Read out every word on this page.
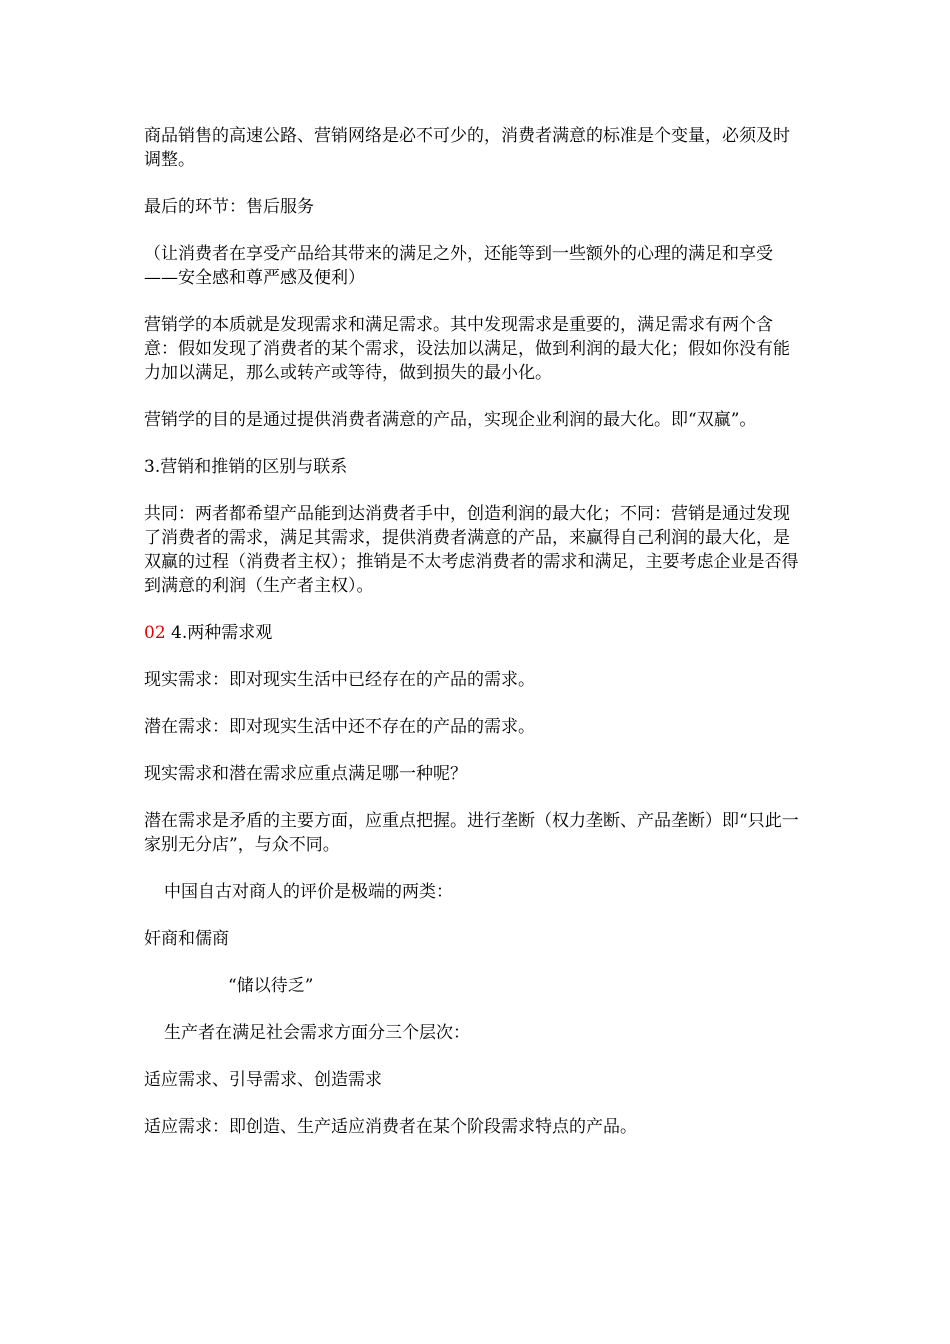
商品销售的高速公路、营销网络是必不可少的，消费者满意的标准是个变量，必须及时调整。

最后的环节：售后服务

（让消费者在享受产品给其带来的满足之外，还能等到一些额外的心理的满足和享受——安全感和尊严感及便利）

营销学的本质就是发现需求和满足需求。其中发现需求是重要的，满足需求有两个含意：假如发现了消费者的某个需求，设法加以满足，做到利润的最大化；假如你没有能力加以满足，那么或转产或等待，做到损失的最小化。

营销学的目的是通过提供消费者满意的产品，实现企业利润的最大化。即“双赢”。

3.营销和推销的区别与联系

共同：两者都希望产品能到达消费者手中，创造利润的最大化；不同：营销是通过发现了消费者的需求，满足其需求，提供消费者满意的产品，来赢得自己利润的最大化，是双赢的过程（消费者主权）；推销是不太考虑消费者的需求和满足，主要考虑企业是否得到满意的利润（生产者主权）。

02 4.两种需求观

现实需求：即对现实生活中已经存在的产品的需求。

潜在需求：即对现实生活中还不存在的产品的需求。

现实需求和潜在需求应重点满足哪一种呢？

潜在需求是矛盾的主要方面，应重点把握。进行垄断（权力垄断、产品垄断）即“只此一家别无分店”，与众不同。

中国自古对商人的评价是极端的两类：

奸商和儒商

“储以待乏”

生产者在满足社会需求方面分三个层次：

适应需求、引导需求、创造需求

适应需求：即创造、生产适应消费者在某个阶段需求特点的产品。
